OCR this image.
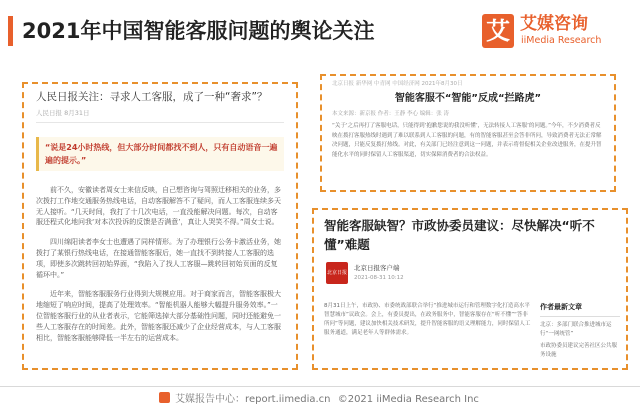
2021年中国智能客服问题的舆论关注	艾 艾媒咨询
iiMedia Research
人民日报关注：寻求人工客服，成了一种“奢求”？
人民日报 8月31日
“说是24小时热线，但大部分时间都找不到人，只有自动语音一遍遍的提示。”

前不久，安徽读者周女士来信反映，自己想咨询与驾照迁移相关的业务，多次拨打工作地交通服务热线电话，自动客服解答不了疑问，而人工客服连续多天无人接听。“几天时间，我打了十几次电话，一直没能解决问题。每次，自动客服还程式化地问我‘对本次投诉的反馈是否满意’，真让人哭笑不得。”周女士说。

四川绵阳读者李女士也遭遇了同样情形。为了办理银行公务卡激活业务，她拨打了某银行热线电话，在接通智能客服后，她一直找不到转接人工客服的选项，即使多次跳转回初始界面，“我陷入了找人工客服—跳转回初始页面的反复循环中。”

近年来，智能客服服务行业得到大规模应用。对于商家而言，智能客服极大地缩短了响应时间，提高了处理效率。“智能机器人能够大幅提升服务效率。”一位智能客服行业的从业者表示，它能筛选掉大部分基础性问题，同时还能避免一些人工客服存在的时间差。此外，智能客服还减少了企业经营成本，与人工客服相比，智能客服能够降低一半左右的运营成本。

北京日报 新华网 中青网 中国经济网 2021年8月30日
智能客服不“智能”反成“拦路虎”
本文来源：新京报 作者：王静 李心 编辑：张 涛
“关于‘之后再打了客服电话，只能得到‘抱歉您说的我没听懂’，无法转接人工客服’的问题。”今年，不少消费者反映在拨打客服热线时遇到了难以联系到人工客服的问题，有的智能客服甚至会答非所问，导致消费者无法正常解决问题，只能反复拨打热线。对此，有关部门已经注意到这一问题，并表示将督促相关企业改进服务，在提升智能化水平的同时保留人工客服渠道，切实保障消费者的合法权益。
智能客服缺智？市政协委员建议：尽快解决“听不懂”难题
北京日报
北京日报客户端
2021-08-31 10:12
8月31日上午，市政协、市委统战部联合举行“推进城市运行和管理数字化打造高水平智慧城市”议政会。会上，有委员提出，在政务服务中，智能客服存在“听不懂”“答非所问”等问题，建议加快相关技术研发，提升智能客服的语义理解能力，同时保留人工服务通道，满足老年人等群体需求。
作者最新文章
北京：多部门联合推进城市运行“一网统管”
市政协委员建议完善社区公共服务设施
艾媒报告中心：report.iimedia.cn ©2021 iiMedia Research Inc
